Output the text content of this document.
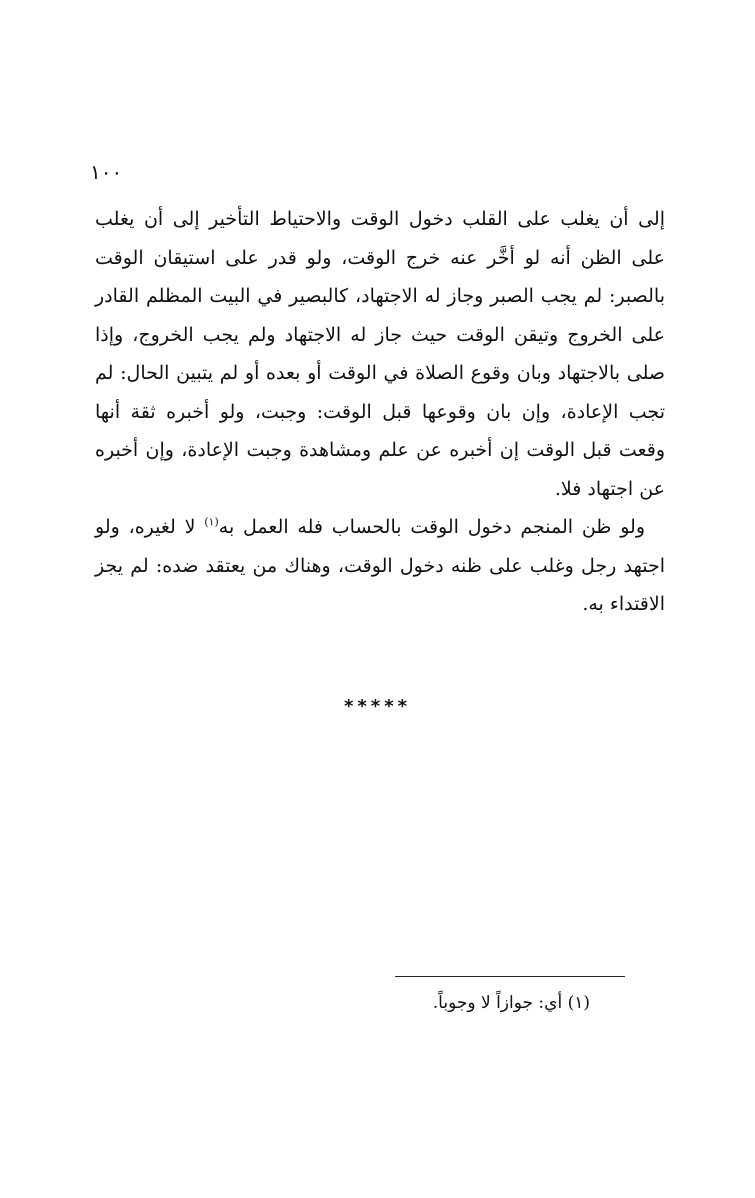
١٠٠

إلى أن يغلب على القلب دخول الوقت والاحتياط التأخير إلى أن يغلب على الظن أنه لو أخَّر عنه خرج الوقت، ولو قدر على استيقان الوقت بالصبر: لم يجب الصبر وجاز له الاجتهاد، كالبصير في البيت المظلم القادر على الخروج وتيقن الوقت حيث جاز له الاجتهاد ولم يجب الخروج، وإذا صلى بالاجتهاد وبان وقوع الصلاة في الوقت أو بعده أو لم يتبين الحال: لم تجب الإعادة، وإن بان وقوعها قبل الوقت: وجبت، ولو أخبره ثقة أنها وقعت قبل الوقت إن أخبره عن علم ومشاهدة وجبت الإعادة، وإن أخبره عن اجتهاد فلا.

ولو ظن المنجم دخول الوقت بالحساب فله العمل به$^{(١)}$ لا لغيره، ولو اجتهد رجل وغلب على ظنه دخول الوقت، وهناك من يعتقد ضده: لم يجز الاقتداء به.

*****
(١) أي: جوازاً لا وجوباً.
